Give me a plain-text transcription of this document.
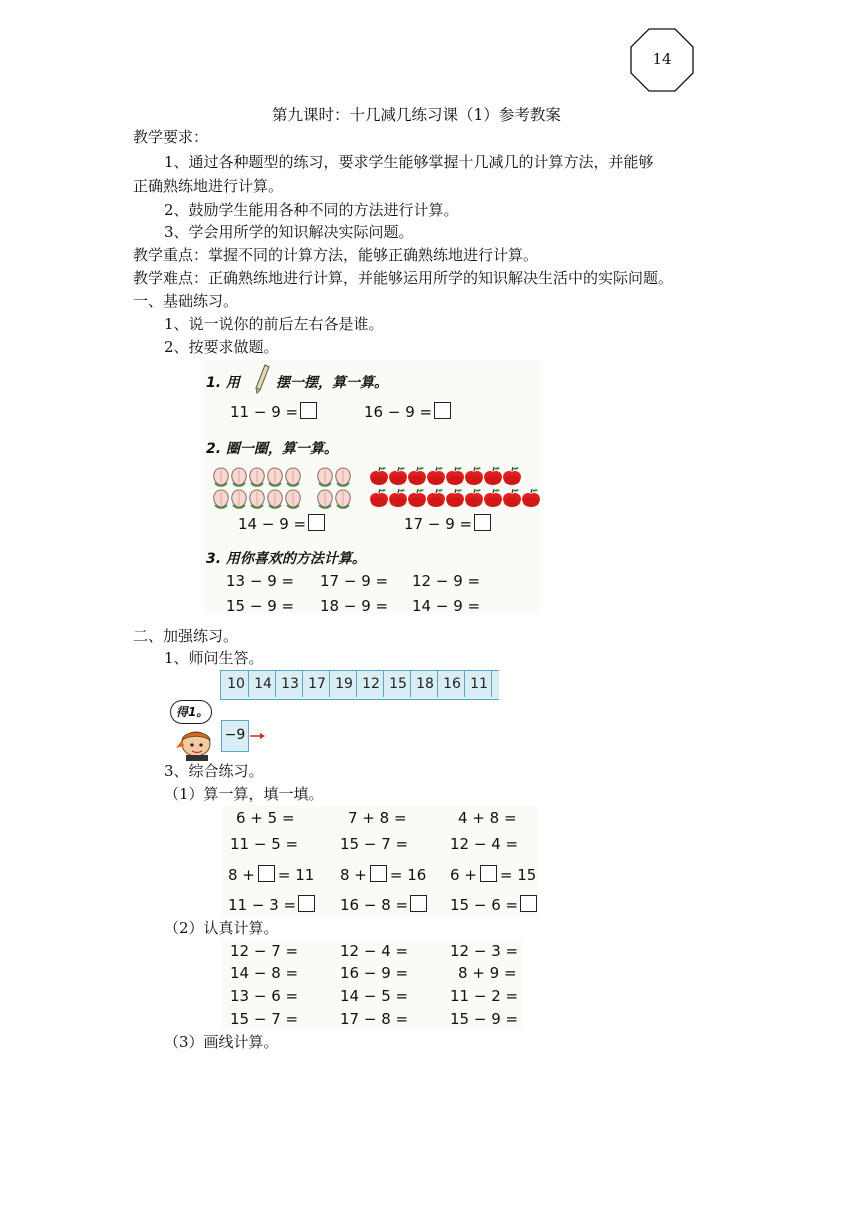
14
第九课时：十几减几练习课（1）参考教案
教学要求：
1、通过各种题型的练习，要求学生能够掌握十几减几的计算方法，并能够
正确熟练地进行计算。
2、鼓励学生能用各种不同的方法进行计算。
3、学会用所学的知识解决实际问题。
教学重点：掌握不同的计算方法，能够正确熟练地进行计算。
教学难点：正确熟练地进行计算，并能够运用所学的知识解决生活中的实际问题。
一、基础练习。
1、说一说你的前后左右各是谁。
2、按要求做题。
1. 用	摆一摆，算一算。
11 − 9 =	16 − 9 =
2. 圈一圈，算一算。
14 − 9 =	17 − 9 =
3. 用你喜欢的方法计算。
13 − 9 = 17 − 9 = 12 − 9 =
15 − 9 = 18 − 9 = 14 − 9 =
二、加强练习。
1、师问生答。
10 14 13 17 19 12 15 18 16 11
得1。
−9
3、综合练习。
（1）算一算，填一填。
6 + 5 =	7 + 8 =	4 + 8 =
11 − 5 =	15 − 7 =	12 − 4 =
8 + = 11 8 + = 16 6 + = 15
11 − 3 =	16 − 8 =	15 − 6 =
（2）认真计算。
12 − 7 =	12 − 4 =	12 − 3 =
14 − 8 =	16 − 9 =	8 + 9 =
13 − 6 =	14 − 5 =	11 − 2 =
15 − 7 =	17 − 8 =	15 − 9 =
（3）画线计算。
